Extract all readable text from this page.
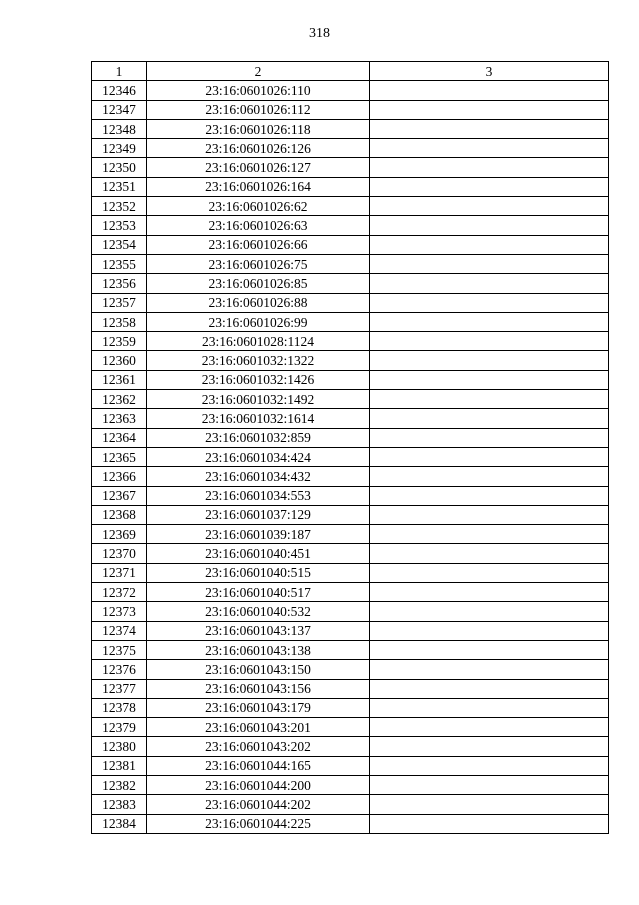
318
1	2	3
12346	23:16:0601026:110	
12347	23:16:0601026:112	
12348	23:16:0601026:118	
12349	23:16:0601026:126	
12350	23:16:0601026:127	
12351	23:16:0601026:164	
12352	23:16:0601026:62	
12353	23:16:0601026:63	
12354	23:16:0601026:66	
12355	23:16:0601026:75	
12356	23:16:0601026:85	
12357	23:16:0601026:88	
12358	23:16:0601026:99	
12359	23:16:0601028:1124	
12360	23:16:0601032:1322	
12361	23:16:0601032:1426	
12362	23:16:0601032:1492	
12363	23:16:0601032:1614	
12364	23:16:0601032:859	
12365	23:16:0601034:424	
12366	23:16:0601034:432	
12367	23:16:0601034:553	
12368	23:16:0601037:129	
12369	23:16:0601039:187	
12370	23:16:0601040:451	
12371	23:16:0601040:515	
12372	23:16:0601040:517	
12373	23:16:0601040:532	
12374	23:16:0601043:137	
12375	23:16:0601043:138	
12376	23:16:0601043:150	
12377	23:16:0601043:156	
12378	23:16:0601043:179	
12379	23:16:0601043:201	
12380	23:16:0601043:202	
12381	23:16:0601044:165	
12382	23:16:0601044:200	
12383	23:16:0601044:202	
12384	23:16:0601044:225	
